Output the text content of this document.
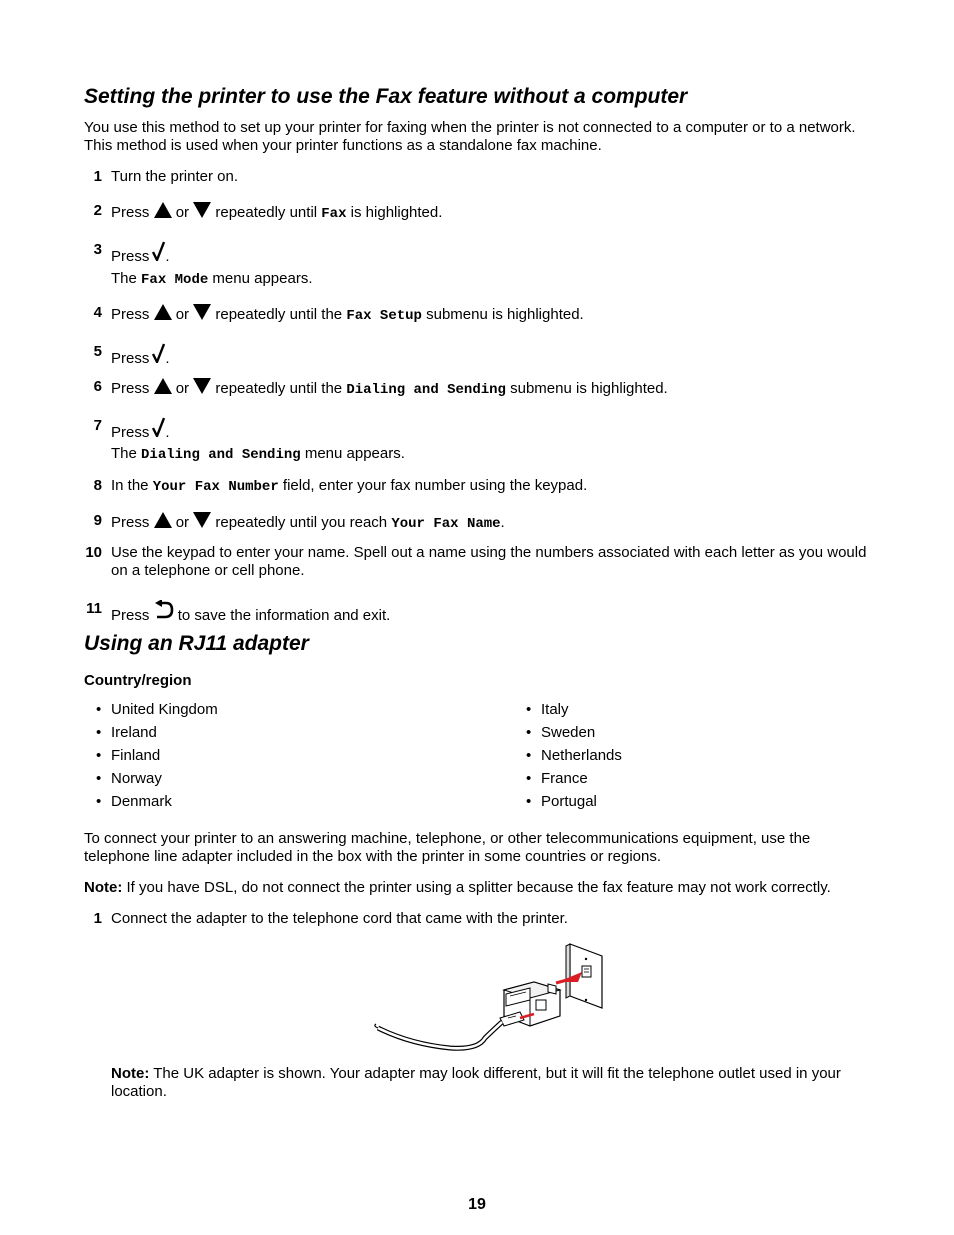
Setting the printer to use the Fax feature without a computer
You use this method to set up your printer for faxing when the printer is not connected to a computer or to a network. This method is used when your printer functions as a standalone fax machine.
1 Turn the printer on.
2 Press or repeatedly until Fax is highlighted.
3 Press .
The Fax Mode menu appears.
4 Press or repeatedly until the Fax Setup submenu is highlighted.
5 Press .
6 Press or repeatedly until the Dialing and Sending submenu is highlighted.
7 Press .
The Dialing and Sending menu appears.
8 In the Your Fax Number field, enter your fax number using the keypad.
9 Press or repeatedly until you reach Your Fax Name.
10 Use the keypad to enter your name. Spell out a name using the numbers associated with each letter as you would on a telephone or cell phone.
11 Press to save the information and exit.
Using an RJ11 adapter
Country/region
• United Kingdom
• Ireland
• Finland
• Norway
• Denmark
• Italy
• Sweden
• Netherlands
• France
• Portugal
To connect your printer to an answering machine, telephone, or other telecommunications equipment, use the telephone line adapter included in the box with the printer in some countries or regions.
Note: If you have DSL, do not connect the printer using a splitter because the fax feature may not work correctly.
1 Connect the adapter to the telephone cord that came with the printer.
Note: The UK adapter is shown. Your adapter may look different, but it will fit the telephone outlet used in your location.
19
